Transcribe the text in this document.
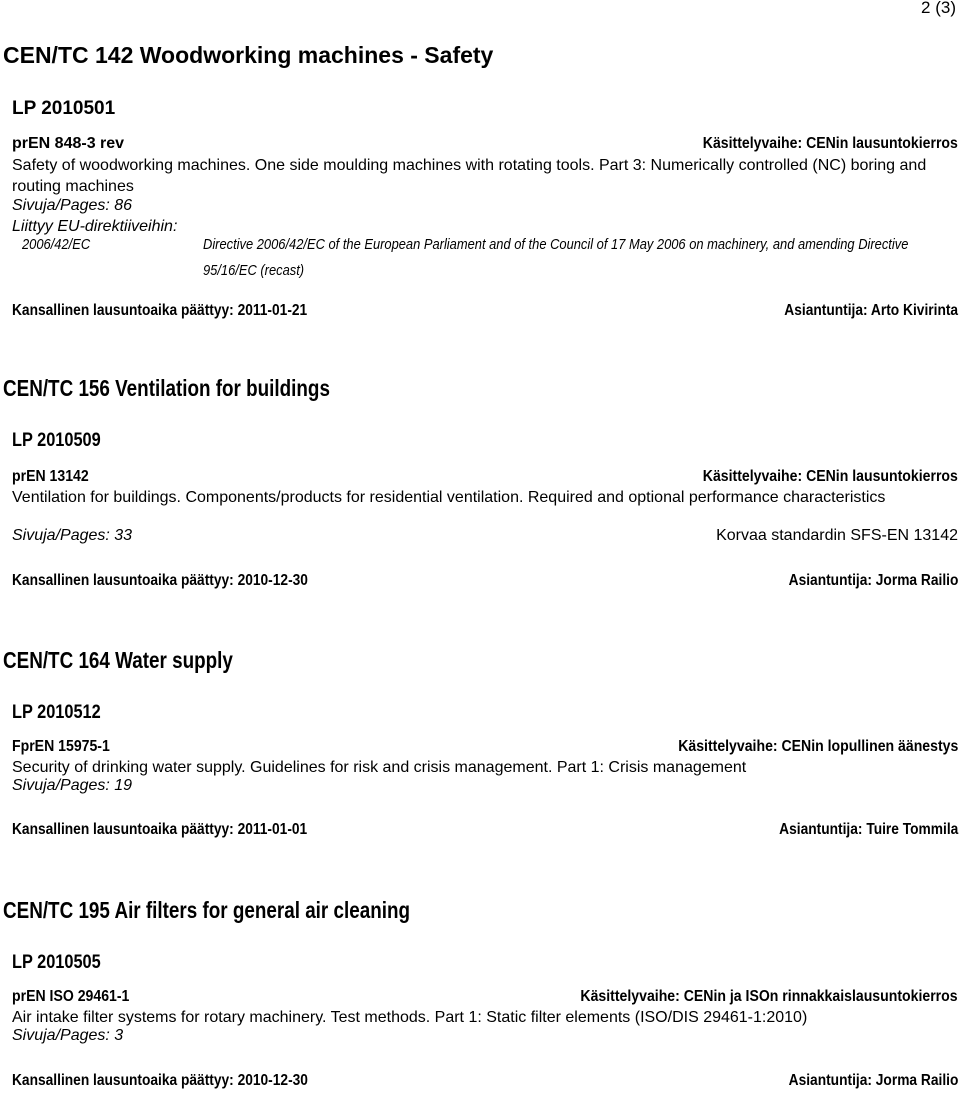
2 (3)
CEN/TC 142 Woodworking machines - Safety
LP 2010501
prEN 848-3 rev	Käsittelyvaihe: CENin lausuntokierros
Safety of woodworking machines. One side moulding machines with rotating tools. Part 3: Numerically controlled (NC) boring and routing machines
Sivuja/Pages: 86
Liittyy EU-direktiiveihin:
2006/42/EC	Directive 2006/42/EC of the European Parliament and of the Council of 17 May 2006 on machinery, and amending Directive 95/16/EC (recast)
Kansallinen lausuntoaika päättyy: 2011-01-21	Asiantuntija: Arto Kivirinta
CEN/TC 156 Ventilation for buildings
LP 2010509
prEN 13142	Käsittelyvaihe: CENin lausuntokierros
Ventilation for buildings. Components/products for residential ventilation. Required and optional performance characteristics
Sivuja/Pages: 33	Korvaa standardin SFS-EN 13142
Kansallinen lausuntoaika päättyy: 2010-12-30	Asiantuntija: Jorma Railio
CEN/TC 164 Water supply
LP 2010512
FprEN 15975-1	Käsittelyvaihe: CENin lopullinen äänestys
Security of drinking water supply. Guidelines for risk and crisis management. Part 1: Crisis management
Sivuja/Pages: 19
Kansallinen lausuntoaika päättyy: 2011-01-01	Asiantuntija: Tuire Tommila
CEN/TC 195 Air filters for general air cleaning
LP 2010505
prEN ISO 29461-1	Käsittelyvaihe: CENin ja ISOn rinnakkaislausuntokierros
Air intake filter systems for rotary machinery. Test methods. Part 1: Static filter elements (ISO/DIS 29461-1:2010)
Sivuja/Pages: 3
Kansallinen lausuntoaika päättyy: 2010-12-30	Asiantuntija: Jorma Railio
